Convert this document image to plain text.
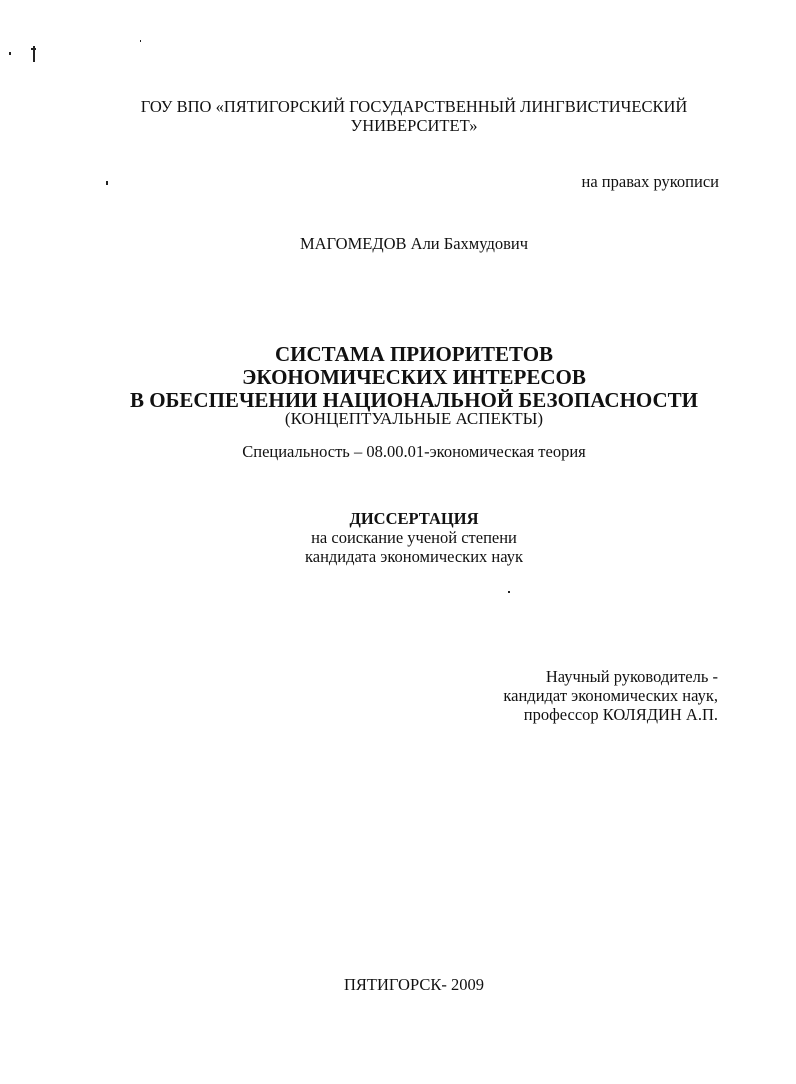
ГОУ ВПО «ПЯТИГОРСКИЙ ГОСУДАРСТВЕННЫЙ ЛИНГВИСТИЧЕСКИЙ
УНИВЕРСИТЕТ»
на правах рукописи
МАГОМЕДОВ Али Бахмудович
СИСТАМА ПРИОРИТЕТОВ
ЭКОНОМИЧЕСКИХ ИНТЕРЕСОВ
В ОБЕСПЕЧЕНИИ НАЦИОНАЛЬНОЙ БЕЗОПАСНОСТИ
(КОНЦЕПТУАЛЬНЫЕ АСПЕКТЫ)
Специальность – 08.00.01-экономическая теория
ДИССЕРТАЦИЯ
на соискание ученой степени
кандидата экономических наук
Научный руководитель -
кандидат экономических наук,
профессор КОЛЯДИН А.П.
ПЯТИГОРСК- 2009
